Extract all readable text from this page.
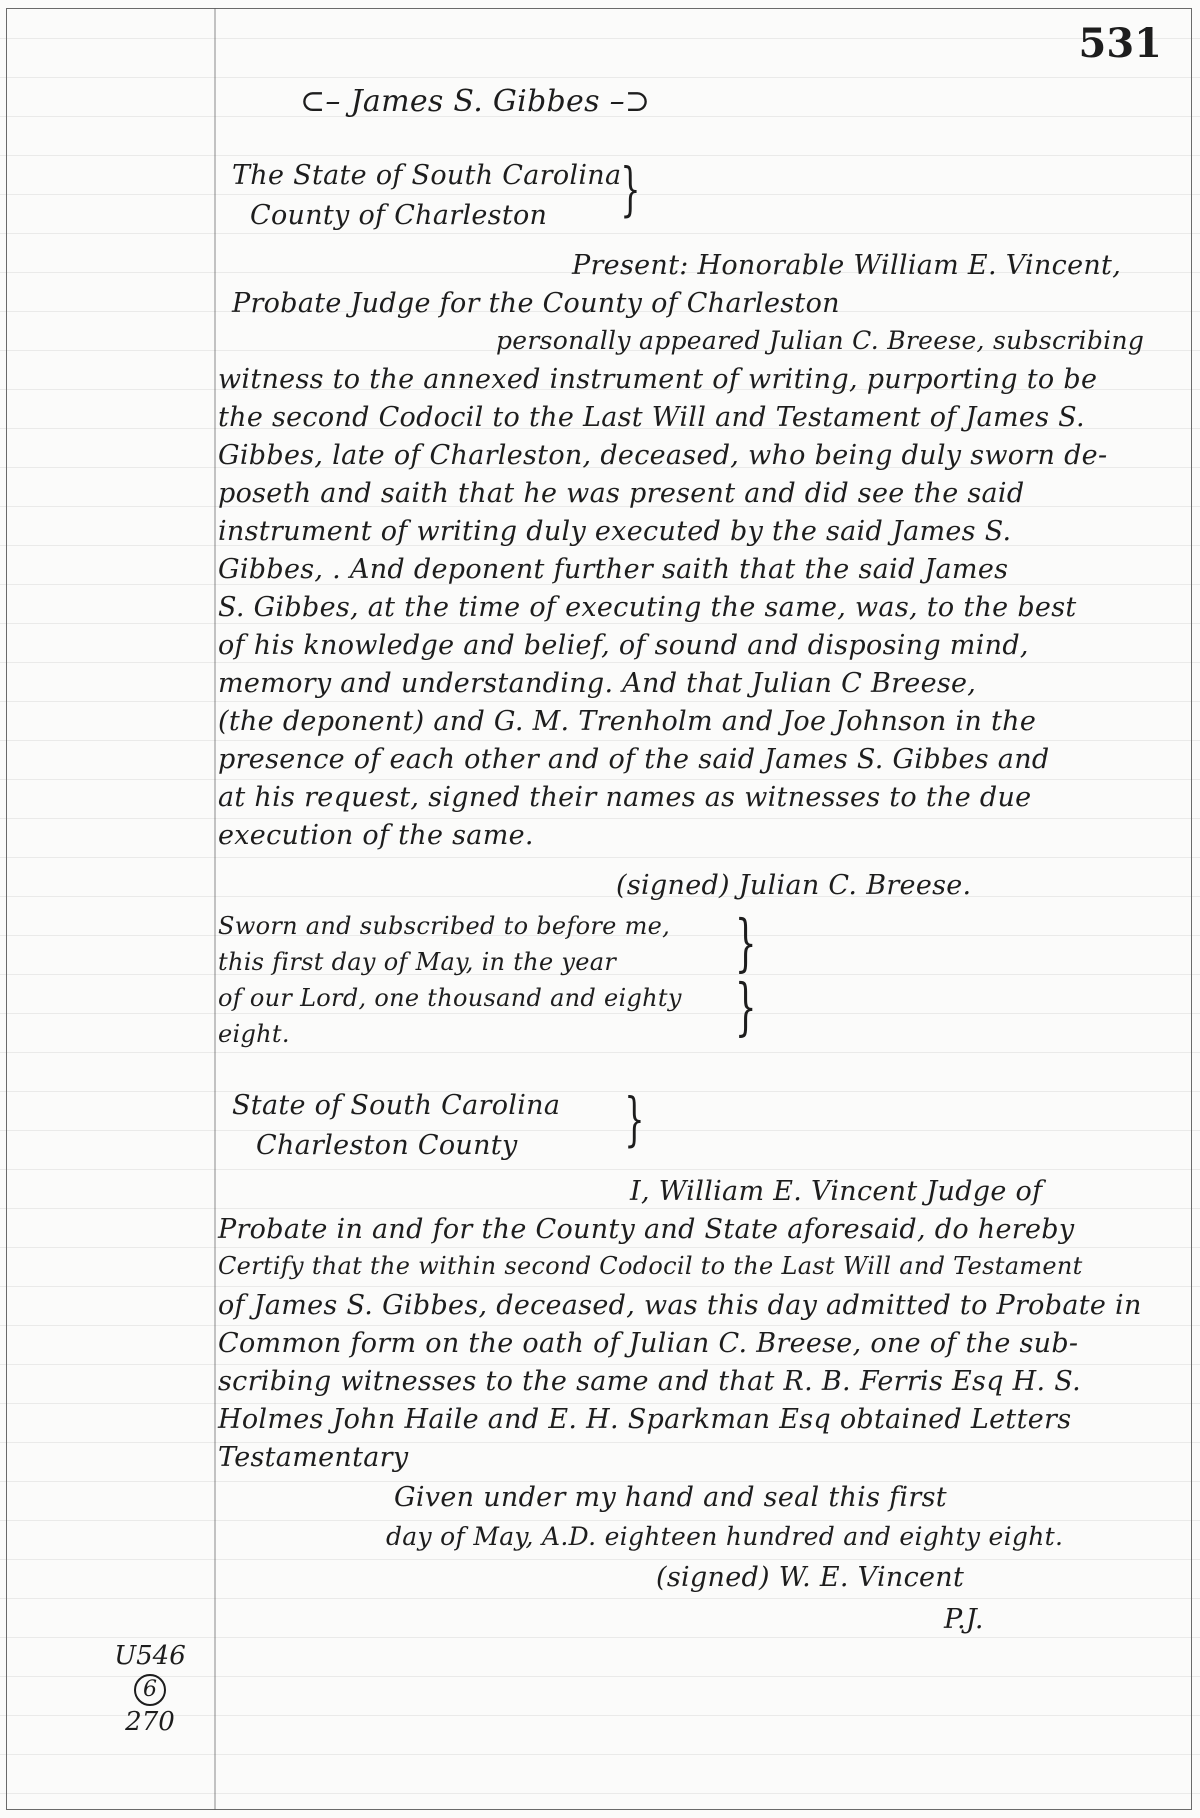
531
⊂– James S. Gibbes –⊃
The State of South Carolina
County of Charleston }
Present: Honorable William E. Vincent,
Probate Judge for the County of Charleston
personally appeared Julian C. Breese, subscribing
witness to the annexed instrument of writing, purporting to be
the second Codocil to the Last Will and Testament of James S.
Gibbes, late of Charleston, deceased, who being duly sworn de-
poseth and saith that he was present and did see the said
instrument of writing duly executed by the said James S.
Gibbes, . And deponent further saith that the said James
S. Gibbes, at the time of executing the same, was, to the best
of his knowledge and belief, of sound and disposing mind,
memory and understanding. And that Julian C Breese,
(the deponent) and G. M. Trenholm and Joe Johnson in the
presence of each other and of the said James S. Gibbes and
at his request, signed their names as witnesses to the due
execution of the same.
(signed) Julian C. Breese.
Sworn and subscribed to before me,
this first day of May, in the year
of our Lord, one thousand and eighty
eight.
}
}
State of South Carolina
Charleston County }
I, William E. Vincent Judge of
Probate in and for the County and State aforesaid, do hereby
Certify that the within second Codocil to the Last Will and Testament
of James S. Gibbes, deceased, was this day admitted to Probate in
Common form on the oath of Julian C. Breese, one of the sub-
scribing witnesses to the same and that R. B. Ferris Esq H. S.
Holmes John Haile and E. H. Sparkman Esq obtained Letters
Testamentary
Given under my hand and seal this first
day of May, A.D. eighteen hundred and eighty eight.
(signed) W. E. Vincent
P.J.
U546
6
270
